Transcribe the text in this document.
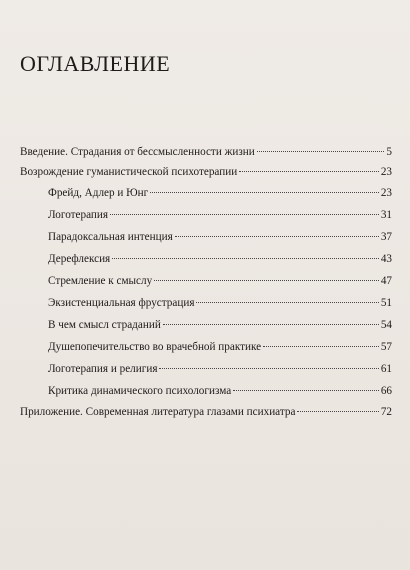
ОГЛАВЛЕНИЕ
Введение. Страдания от бессмысленности жизни	5
Возрождение гуманистической психотерапии	23
Фрейд, Адлер и Юнг	23
Логотерапия	31
Парадоксальная интенция	37
Дерефлексия	43
Стремление к смыслу	47
Экзистенциальная фрустрация	51
В чем смысл страданий	54
Душепопечительство во врачебной практике	57
Логотерапия и религия	61
Критика динамического психологизма	66
Приложение. Современная литература глазами психиатра	72
